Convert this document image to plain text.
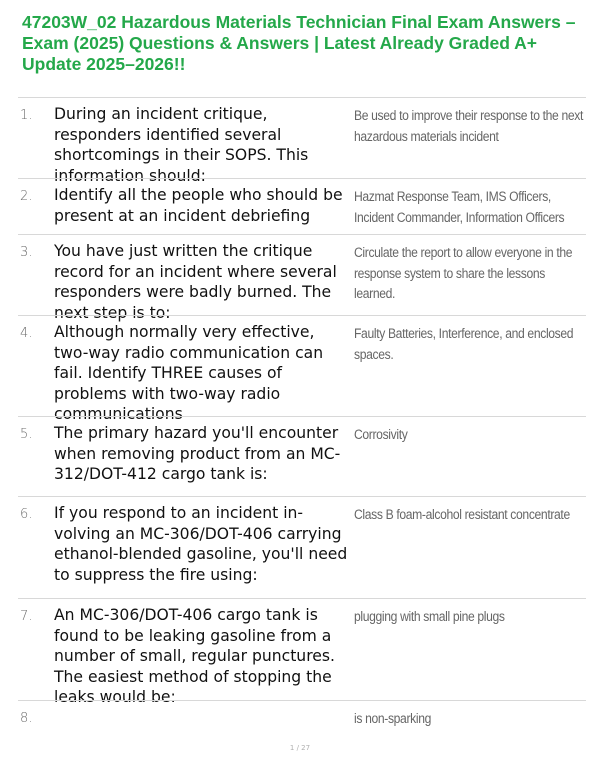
47203W_02 Hazardous Materials Technician Final Exam Answers – Exam (2025) Questions & Answers | Latest Already Graded A+ Update 2025–2026!!
1. During an incident critique, responders identified several shortcomings in their SOPS. This information should:
Be used to improve their response to the next hazardous materials incident
2. Identify all the people who should be present at an incident debriefing
Hazmat Response Team, IMS Officers, Incident Commander, Information Officers
3. You have just written the critique record for an incident where several responders were badly burned. The next step is to:
Circulate the report to allow everyone in the response system to share the lessons learned.
4. Although normally very effective, two-way radio communication can fail. Identify THREE causes of problems with two-way radio communications
Faulty Batteries, Interference, and enclosed spaces.
5. The primary hazard you'll encounter when removing product from an MC-312/DOT-412 cargo tank is:
Corrosivity
6. If you respond to an incident in-volving an MC-306/DOT-406 carrying ethanol-blended gasoline, you'll need to suppress the fire using:
Class B foam-alcohol resistant concentrate
7. An MC-306/DOT-406 cargo tank is found to be leaking gasoline from a number of small, regular punctures. The easiest method of stopping the leaks would be:
plugging with small pine plugs
8.	is non-sparking
1 / 27
